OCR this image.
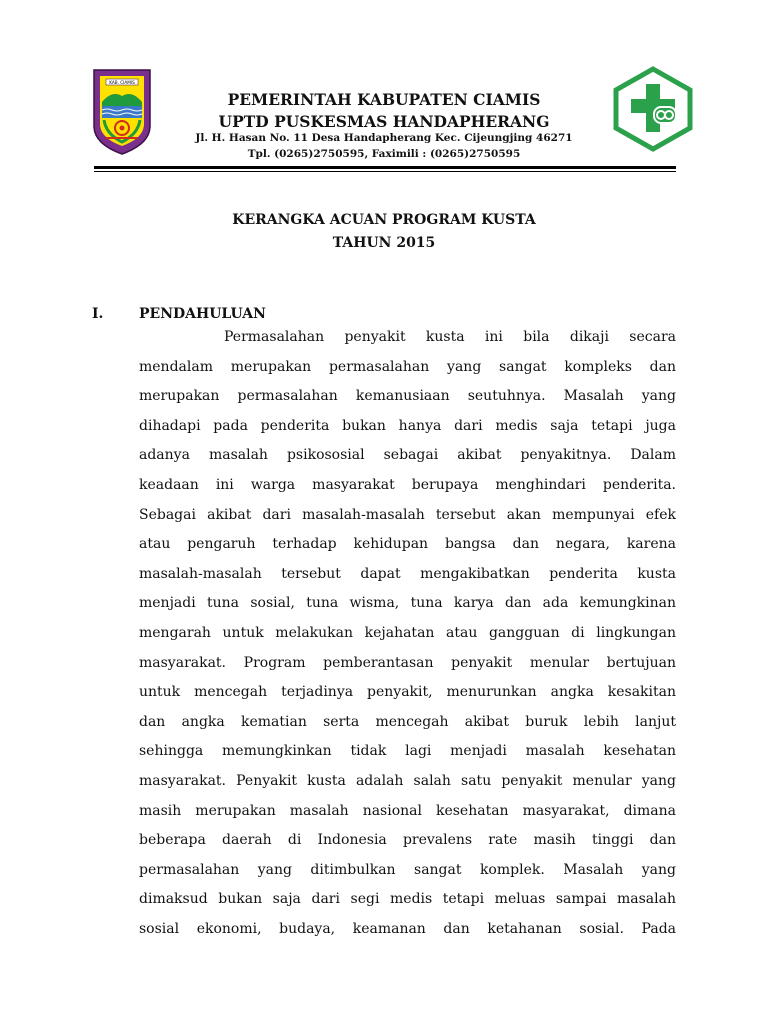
KAB. CIAMIS
PEMERINTAH KABUPATEN CIAMIS
UPTD PUSKESMAS HANDAPHERANG
Jl. H. Hasan No. 11 Desa Handapherang Kec. Cijeungjing 46271
Tpl. (0265)2750595, Faximili : (0265)2750595
KERANGKA ACUAN PROGRAM KUSTA
TAHUN 2015
I.	PENDAHULUAN
Permasalahan penyakit kusta ini bila dikaji secara
mendalam merupakan permasalahan yang sangat kompleks dan
merupakan permasalahan kemanusiaan seutuhnya. Masalah yang
dihadapi pada penderita bukan hanya dari medis saja tetapi juga
adanya masalah psikososial sebagai akibat penyakitnya. Dalam
keadaan ini warga masyarakat berupaya menghindari penderita.
Sebagai akibat dari masalah-masalah tersebut akan mempunyai efek
atau pengaruh terhadap kehidupan bangsa dan negara, karena
masalah-masalah tersebut dapat mengakibatkan penderita kusta
menjadi tuna sosial, tuna wisma, tuna karya dan ada kemungkinan
mengarah untuk melakukan kejahatan atau gangguan di lingkungan
masyarakat. Program pemberantasan penyakit menular bertujuan
untuk mencegah terjadinya penyakit, menurunkan angka kesakitan
dan angka kematian serta mencegah akibat buruk lebih lanjut
sehingga memungkinkan tidak lagi menjadi masalah kesehatan
masyarakat. Penyakit kusta adalah salah satu penyakit menular yang
masih merupakan masalah nasional kesehatan masyarakat, dimana
beberapa daerah di Indonesia prevalens rate masih tinggi dan
permasalahan yang ditimbulkan sangat komplek. Masalah yang
dimaksud bukan saja dari segi medis tetapi meluas sampai masalah
sosial ekonomi, budaya, keamanan dan ketahanan sosial. Pada
